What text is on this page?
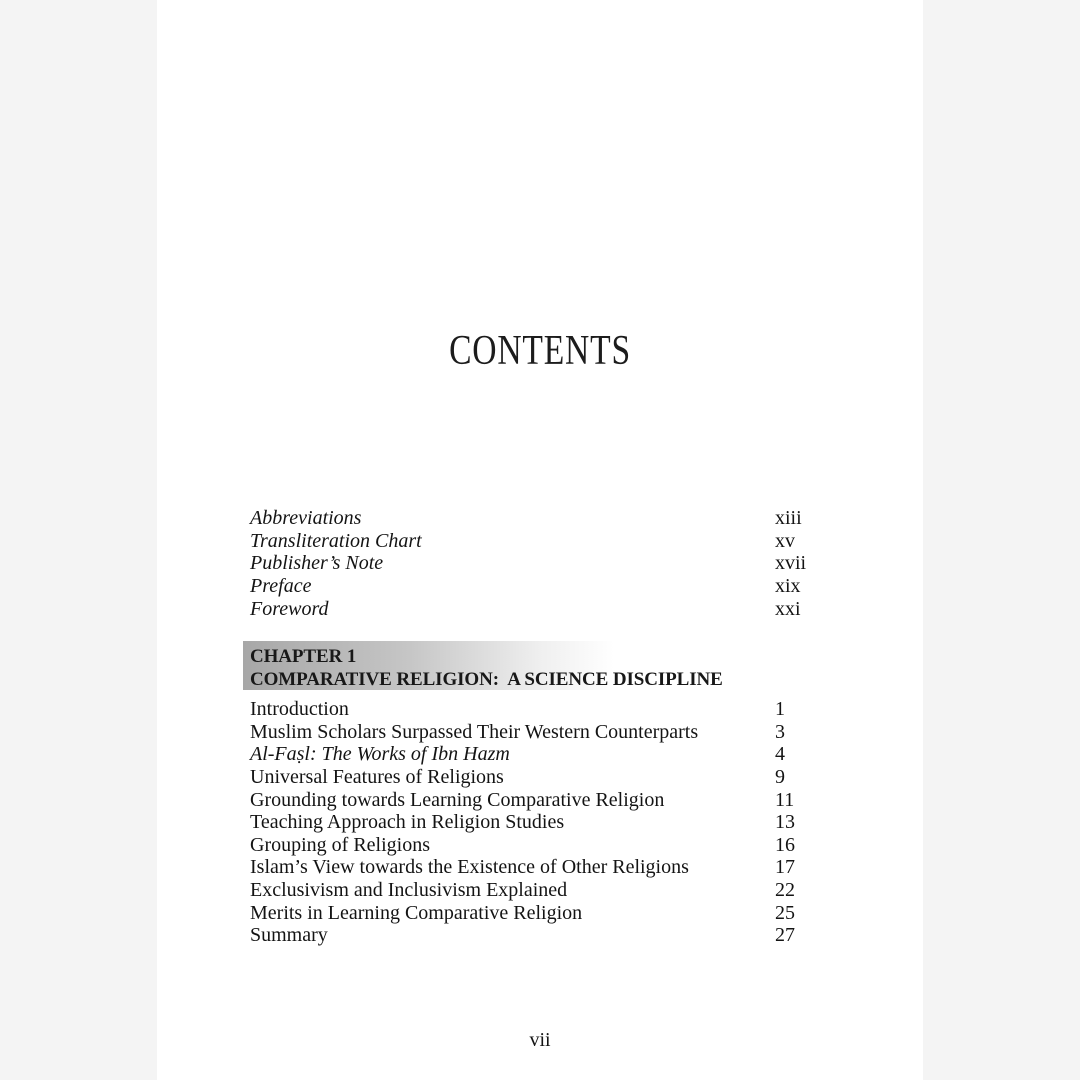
CONTENTS
Abbreviations	xiii
Transliteration Chart	xv
Publisher’s Note	xvii
Preface	xix
Foreword	xxi
CHAPTER 1
COMPARATIVE RELIGION:  A SCIENCE DISCIPLINE
Introduction	1
Muslim Scholars Surpassed Their Western Counterparts	3
Al-Faṣl: The Works of Ibn Hazm	4
Universal Features of Religions	9
Grounding towards Learning Comparative Religion	11
Teaching Approach in Religion Studies	13
Grouping of Religions	16
Islam’s View towards the Existence of Other Religions	17
Exclusivism and Inclusivism Explained	22
Merits in Learning Comparative Religion	25
Summary	27
vii
